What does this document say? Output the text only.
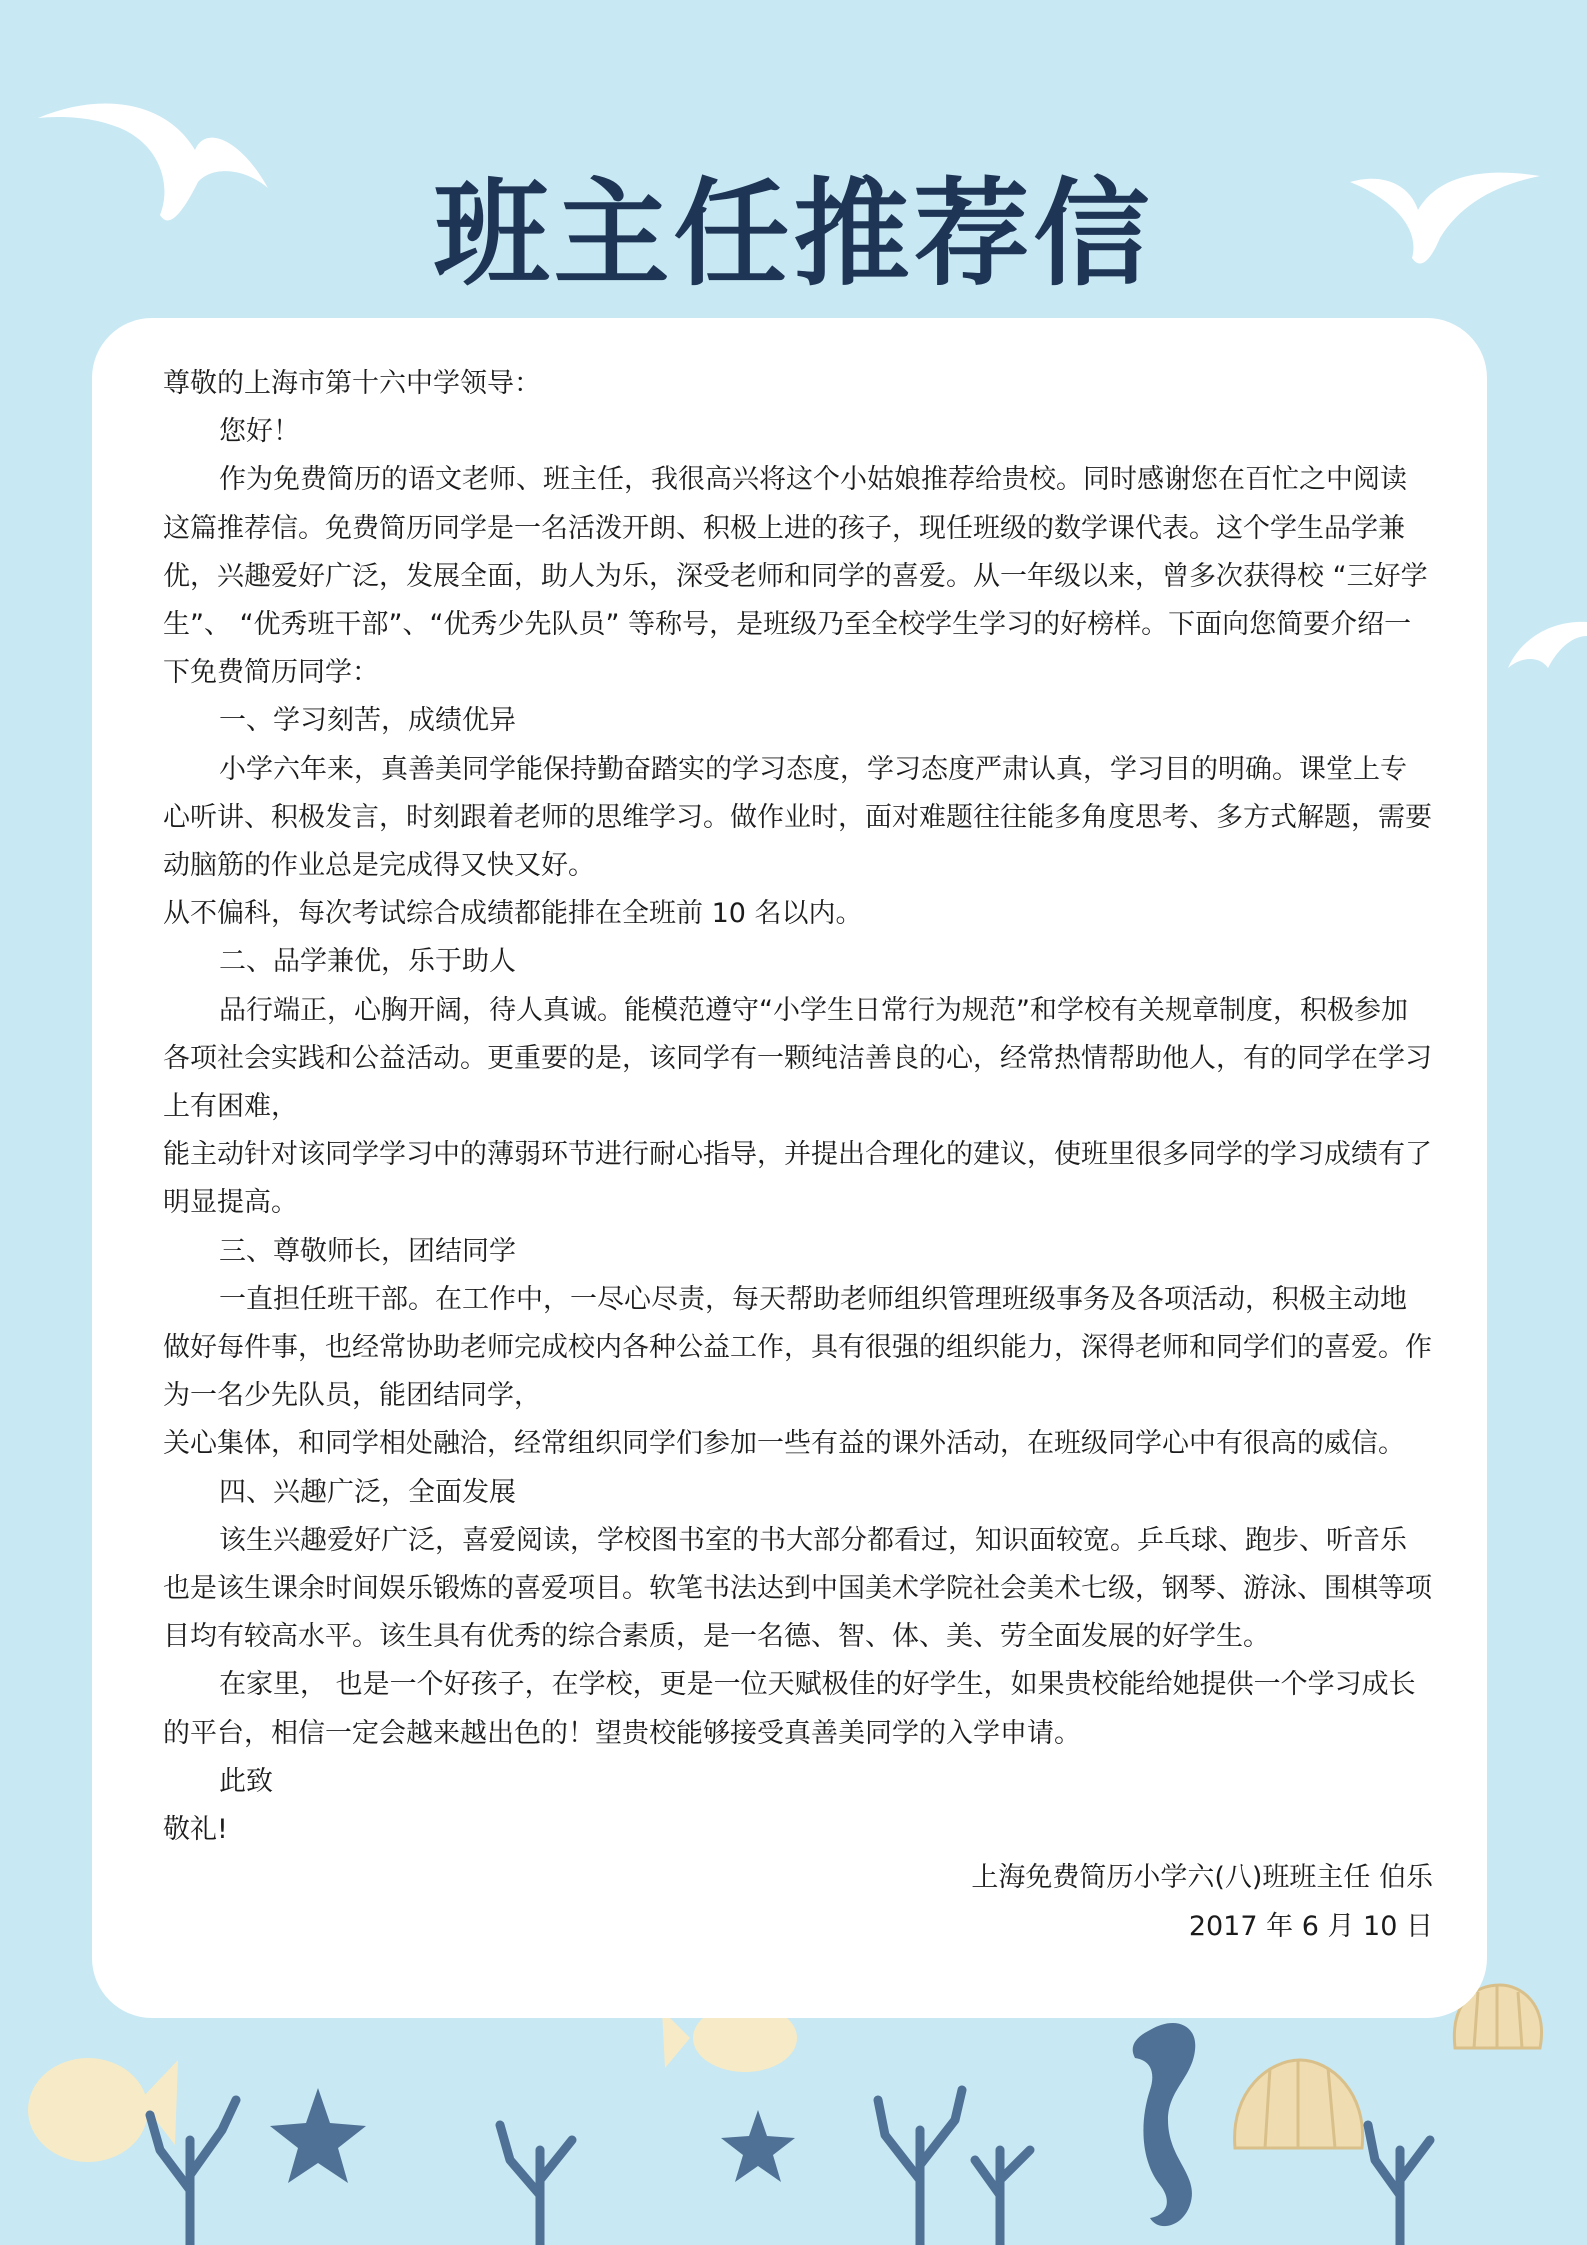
班主任推荐信

尊敬的上海市第十六中学领导：

您好！

作为免费简历的语文老师、班主任，我很高兴将这个小姑娘推荐给贵校。同时感谢您在百忙之中阅读这篇推荐信。免费简历同学是一名活泼开朗、积极上进的孩子，现任班级的数学课代表。这个学生品学兼优，兴趣爱好广泛，发展全面，助人为乐，深受老师和同学的喜爱。从一年级以来，曾多次获得校 “三好学生”、 “优秀班干部”、“优秀少先队员” 等称号，是班级乃至全校学生学习的好榜样。下面向您简要介绍一下免费简历同学：

一、学习刻苦，成绩优异

小学六年来，真善美同学能保持勤奋踏实的学习态度，学习态度严肃认真，学习目的明确。课堂上专心听讲、积极发言，时刻跟着老师的思维学习。做作业时，面对难题往往能多角度思考、多方式解题，需要动脑筋的作业总是完成得又快又好。

从不偏科，每次考试综合成绩都能排在全班前 10 名以内。

二、品学兼优，乐于助人

品行端正，心胸开阔，待人真诚。能模范遵守“小学生日常行为规范”和学校有关规章制度，积极参加各项社会实践和公益活动。更重要的是，该同学有一颗纯洁善良的心，经常热情帮助他人，有的同学在学习上有困难，

能主动针对该同学学习中的薄弱环节进行耐心指导，并提出合理化的建议，使班里很多同学的学习成绩有了明显提高。

三、尊敬师长，团结同学

一直担任班干部。在工作中，一尽心尽责，每天帮助老师组织管理班级事务及各项活动，积极主动地做好每件事，也经常协助老师完成校内各种公益工作，具有很强的组织能力，深得老师和同学们的喜爱。作为一名少先队员，能团结同学，

关心集体，和同学相处融洽，经常组织同学们参加一些有益的课外活动，在班级同学心中有很高的威信。

四、兴趣广泛，全面发展

该生兴趣爱好广泛，喜爱阅读，学校图书室的书大部分都看过，知识面较宽。乒乓球、跑步、听音乐也是该生课余时间娱乐锻炼的喜爱项目。软笔书法达到中国美术学院社会美术七级，钢琴、游泳、围棋等项目均有较高水平。该生具有优秀的综合素质，是一名德、智、体、美、劳全面发展的好学生。

在家里， 也是一个好孩子，在学校，更是一位天赋极佳的好学生，如果贵校能给她提供一个学习成长的平台，相信一定会越来越出色的！望贵校能够接受真善美同学的入学申请。

此致

敬礼!

上海免费简历小学六(八)班班主任 伯乐

2017 年 6 月 10 日
